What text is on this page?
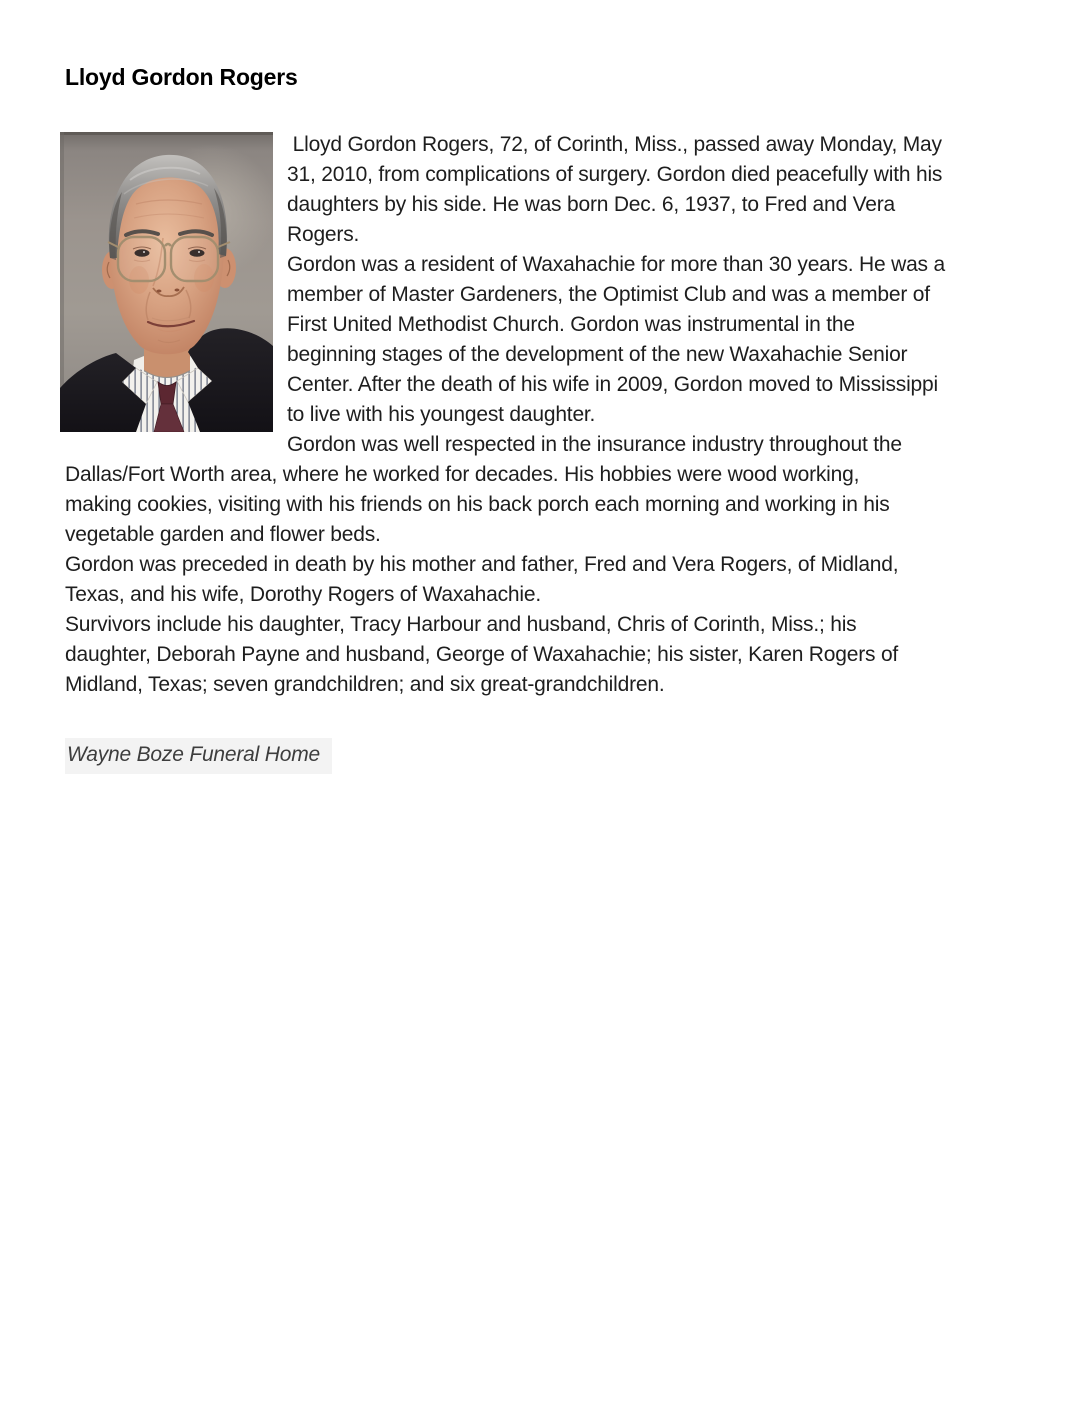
Lloyd Gordon Rogers

Lloyd Gordon Rogers, 72, of Corinth, Miss., passed away Monday, May
31, 2010, from complications of surgery. Gordon died peacefully with his
daughters by his side. He was born Dec. 6, 1937, to Fred and Vera
Rogers.

Gordon was a resident of Waxahachie for more than 30 years. He was a
member of Master Gardeners, the Optimist Club and was a member of
First United Methodist Church. Gordon was instrumental in the
beginning stages of the development of the new Waxahachie Senior
Center. After the death of his wife in 2009, Gordon moved to Mississippi
to live with his youngest daughter.

Gordon was well respected in the insurance industry throughout the
Dallas/Fort Worth area, where he worked for decades. His hobbies were wood working,
making cookies, visiting with his friends on his back porch each morning and working in his
vegetable garden and flower beds.

Gordon was preceded in death by his mother and father, Fred and Vera Rogers, of Midland,
Texas, and his wife, Dorothy Rogers of Waxahachie.

Survivors include his daughter, Tracy Harbour and husband, Chris of Corinth, Miss.; his
daughter, Deborah Payne and husband, George of Waxahachie; his sister, Karen Rogers of
Midland, Texas; seven grandchildren; and six great-grandchildren.

Wayne Boze Funeral Home
